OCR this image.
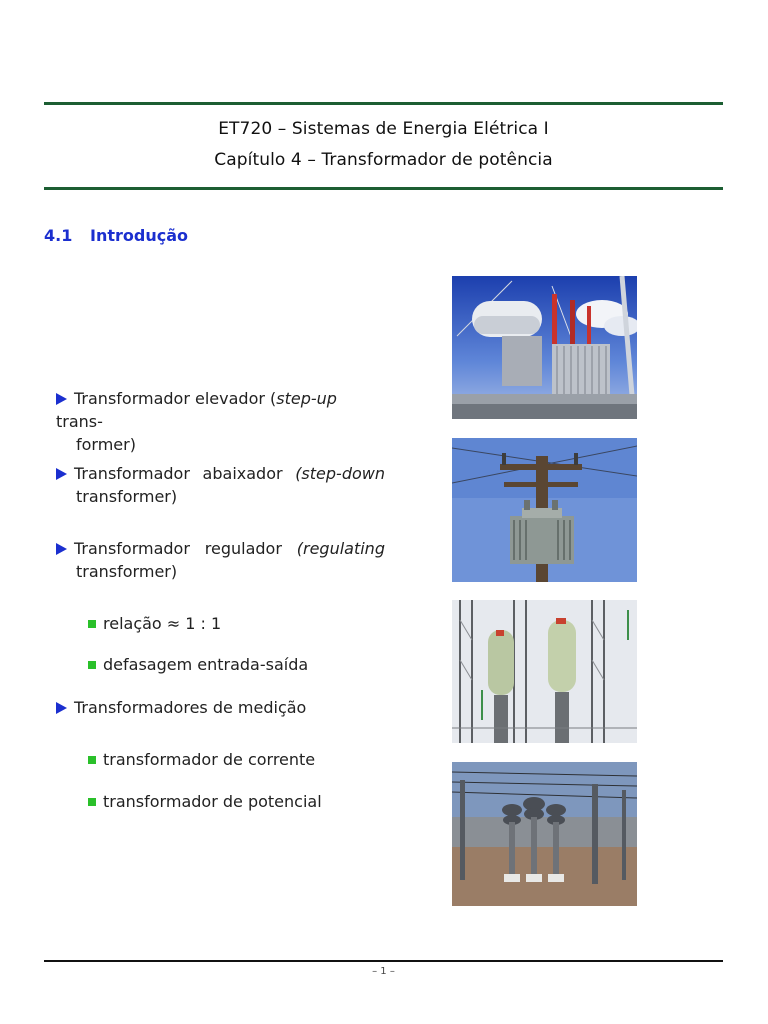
ET720 – Sistemas de Energia Elétrica I
Capítulo 4 – Transformador de potência
4.1 Introdução
Transformador elevador (step-up trans-
former)
Transformador abaixador (step-down
transformer)
Transformador regulador (regulating
transformer)
relação ≈ 1 : 1
defasagem entrada-saída
Transformadores de medição
transformador de corrente
transformador de potencial
– 1 –
